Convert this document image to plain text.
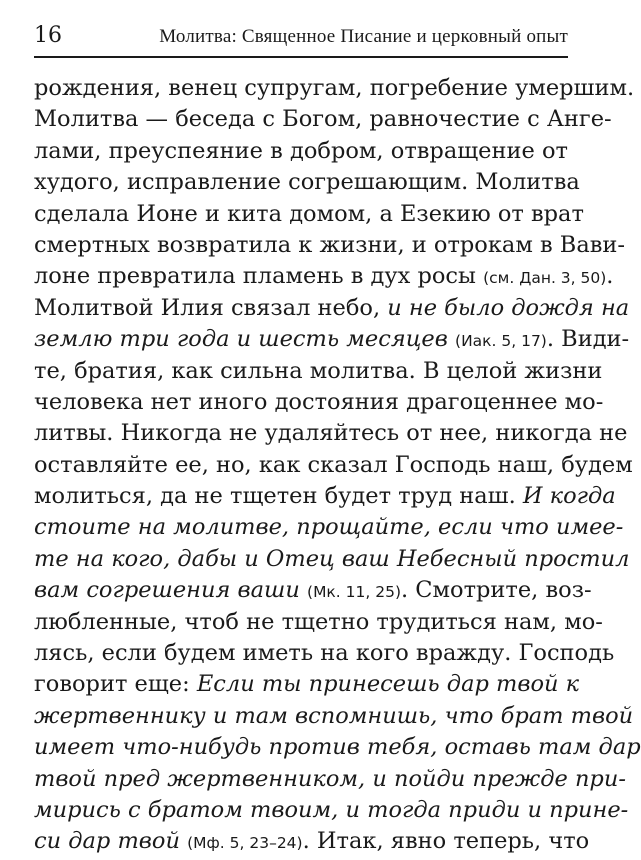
16	Молитва: Священное Писание и церковный опыт
рождения, венец супругам, погребение умершим.
Молитва — беседа с Богом, равночестие с Анге-
лами, преуспеяние в добром, отвращение от
худого, исправление согрешающим. Молитва
сделала Ионе и кита домом, а Езекию от врат
смертных возвратила к жизни, и отрокам в Вави-
лоне превратила пламень в дух росы (см. Дан. 3, 50).
Молитвой Илия связал небо, и не было дождя на
землю три года и шесть месяцев (Иак. 5, 17). Види-
те, братия, как сильна молитва. В целой жизни
человека нет иного достояния драгоценнее мо-
литвы. Никогда не удаляйтесь от нее, никогда не
оставляйте ее, но, как сказал Господь наш, будем
молиться, да не тщетен будет труд наш. И когда
стоите на молитве, прощайте, если что имее-
те на кого, дабы и Отец ваш Небесный простил
вам согрешения ваши (Мк. 11, 25). Смотрите, воз-
любленные, чтоб не тщетно трудиться нам, мо-
лясь, если будем иметь на кого вражду. Господь
говорит еще: Если ты принесешь дар твой к
жертвеннику и там вспомнишь, что брат твой
имеет что-нибудь против тебя, оставь там дар
твой пред жертвенником, и пойди прежде при-
мирись с братом твоим, и тогда приди и прине-
си дар твой (Мф. 5, 23–24). Итак, явно теперь, что
